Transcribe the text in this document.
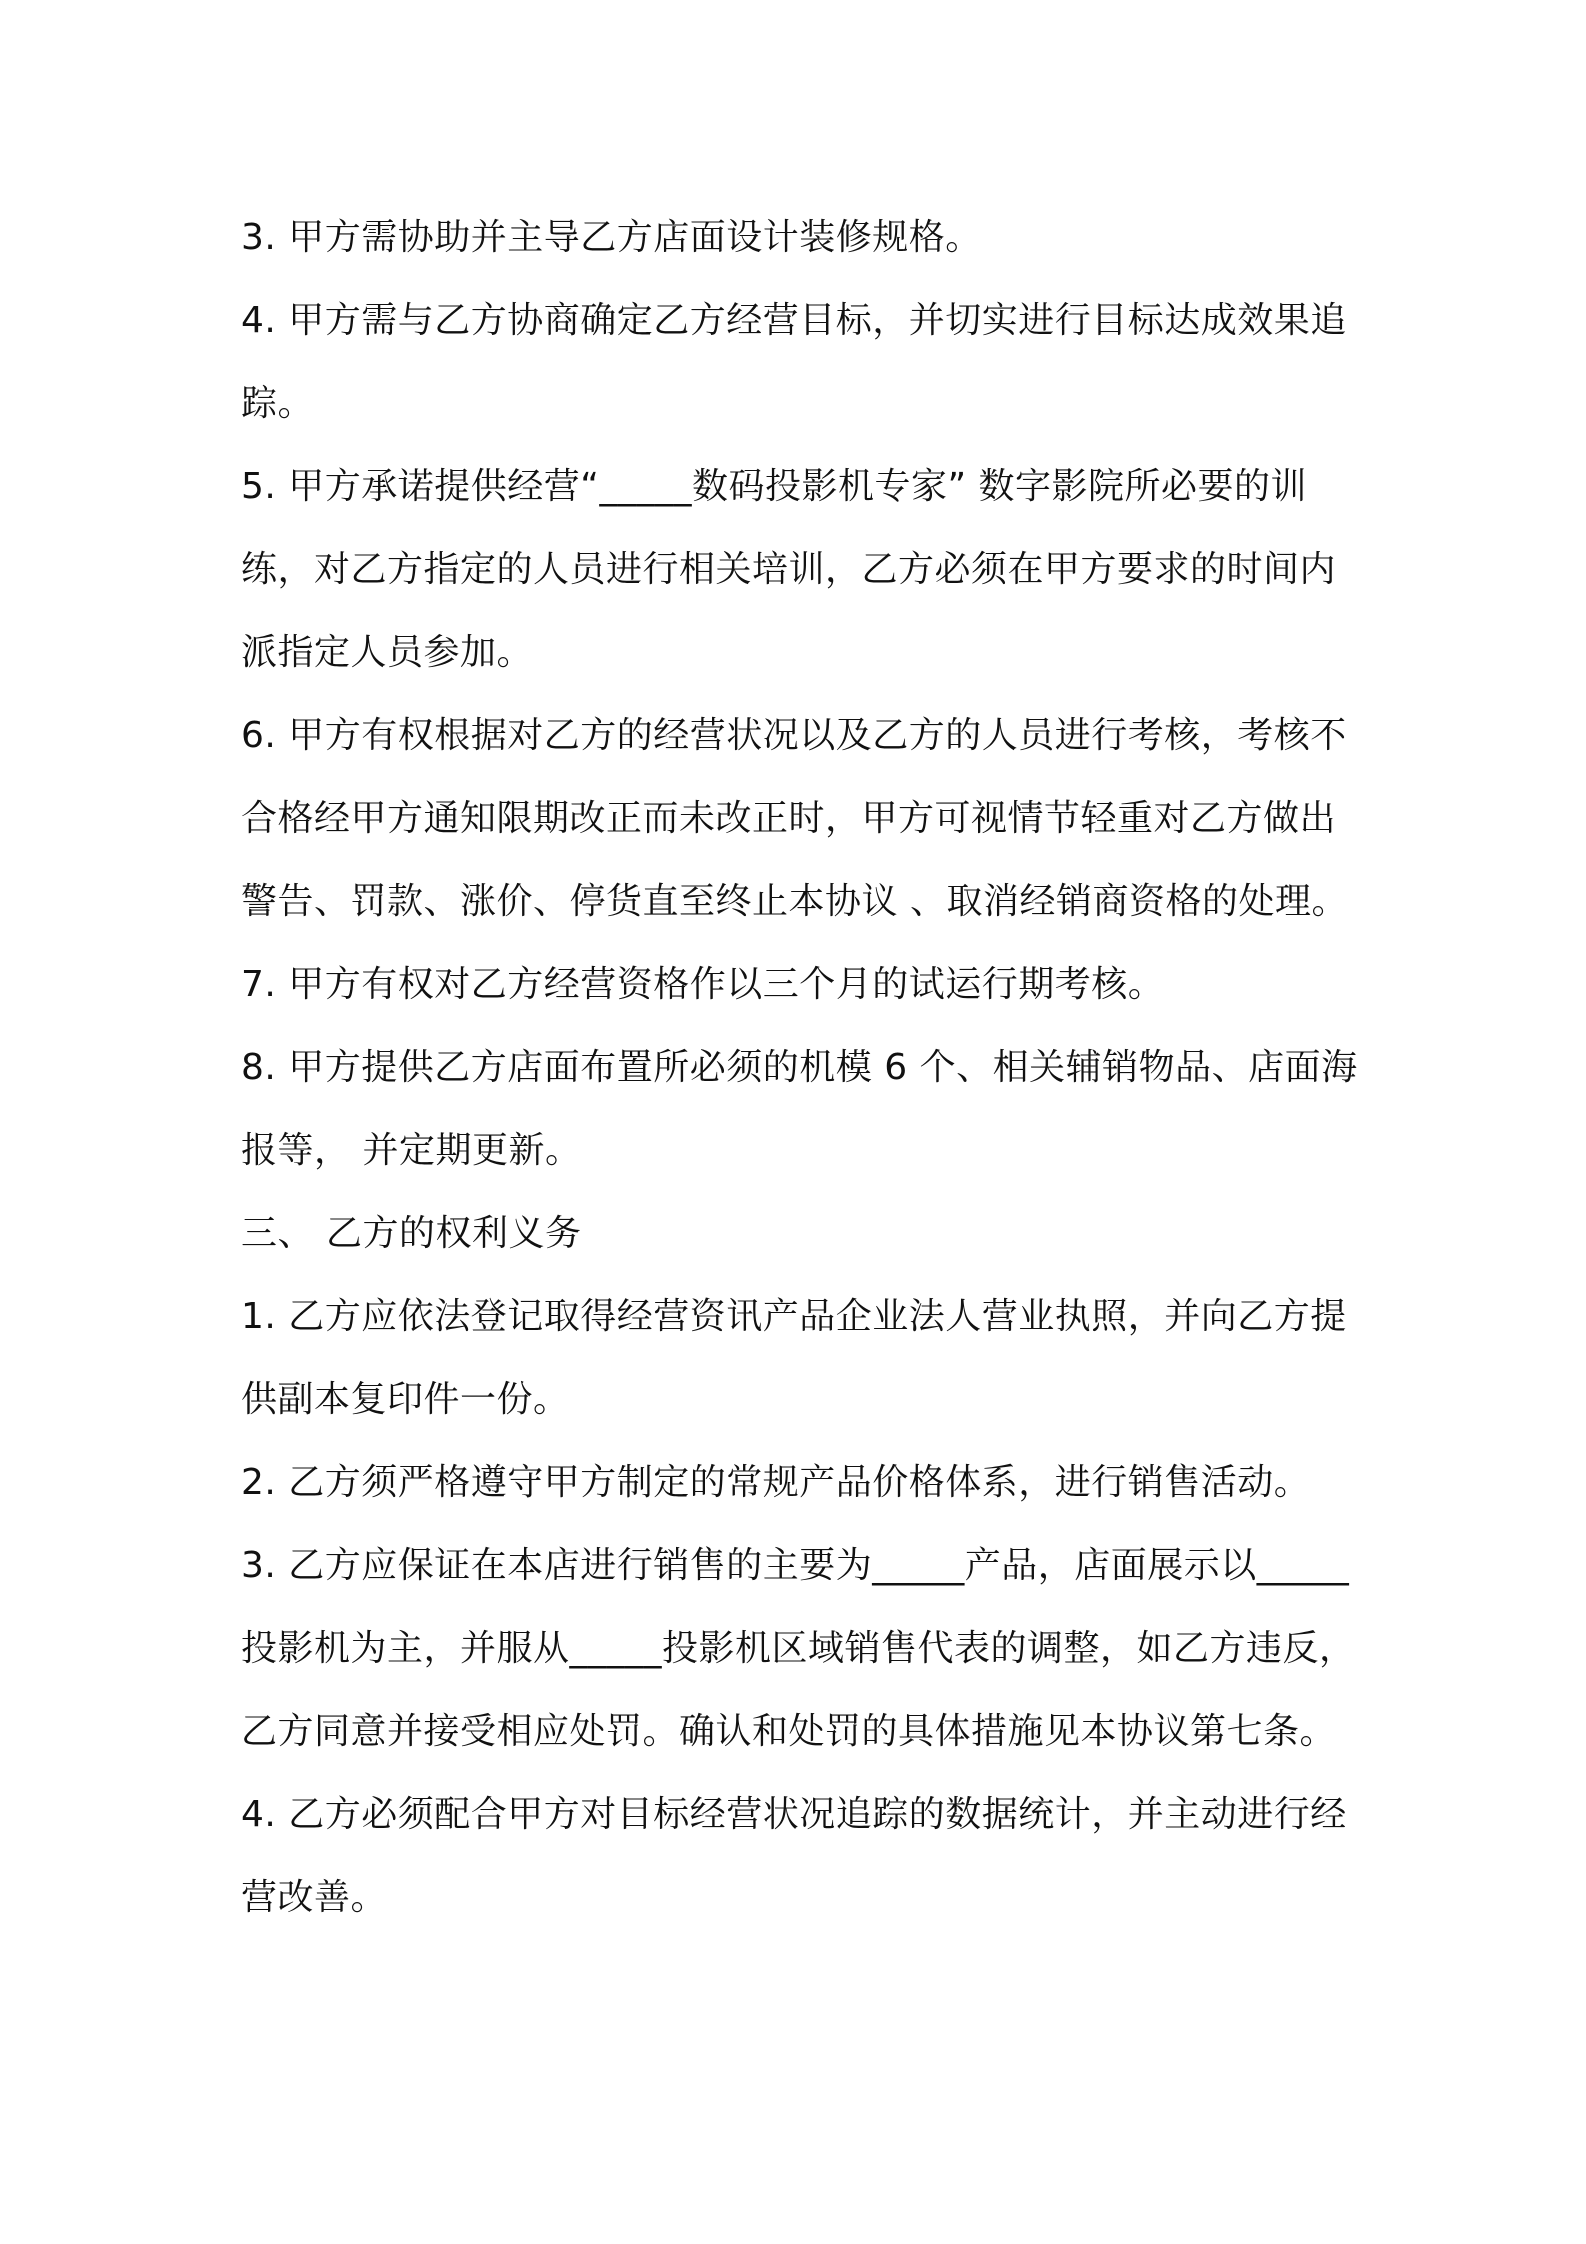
3. 甲方需协助并主导乙方店面设计装修规格。

4. 甲方需与乙方协商确定乙方经营目标，并切实进行目标达成效果追踪。

5. 甲方承诺提供经营“_____数码投影机专家” 数字影院所必要的训练，对乙方指定的人员进行相关培训，乙方必须在甲方要求的时间内派指定人员参加。

6. 甲方有权根据对乙方的经营状况以及乙方的人员进行考核，考核不合格经甲方通知限期改正而未改正时，甲方可视情节轻重对乙方做出警告、罚款、涨价、停货直至终止本协议 、取消经销商资格的处理。

7. 甲方有权对乙方经营资格作以三个月的试运行期考核。

8. 甲方提供乙方店面布置所必须的机模 6 个、相关辅销物品、店面海报等， 并定期更新。

三、 乙方的权利义务

1. 乙方应依法登记取得经营资讯产品企业法人营业执照，并向乙方提供副本复印件一份。

2. 乙方须严格遵守甲方制定的常规产品价格体系，进行销售活动。

3. 乙方应保证在本店进行销售的主要为_____产品，店面展示以_____投影机为主，并服从_____投影机区域销售代表的调整，如乙方违反，乙方同意并接受相应处罚。确认和处罚的具体措施见本协议第七条。

4. 乙方必须配合甲方对目标经营状况追踪的数据统计，并主动进行经营改善。
